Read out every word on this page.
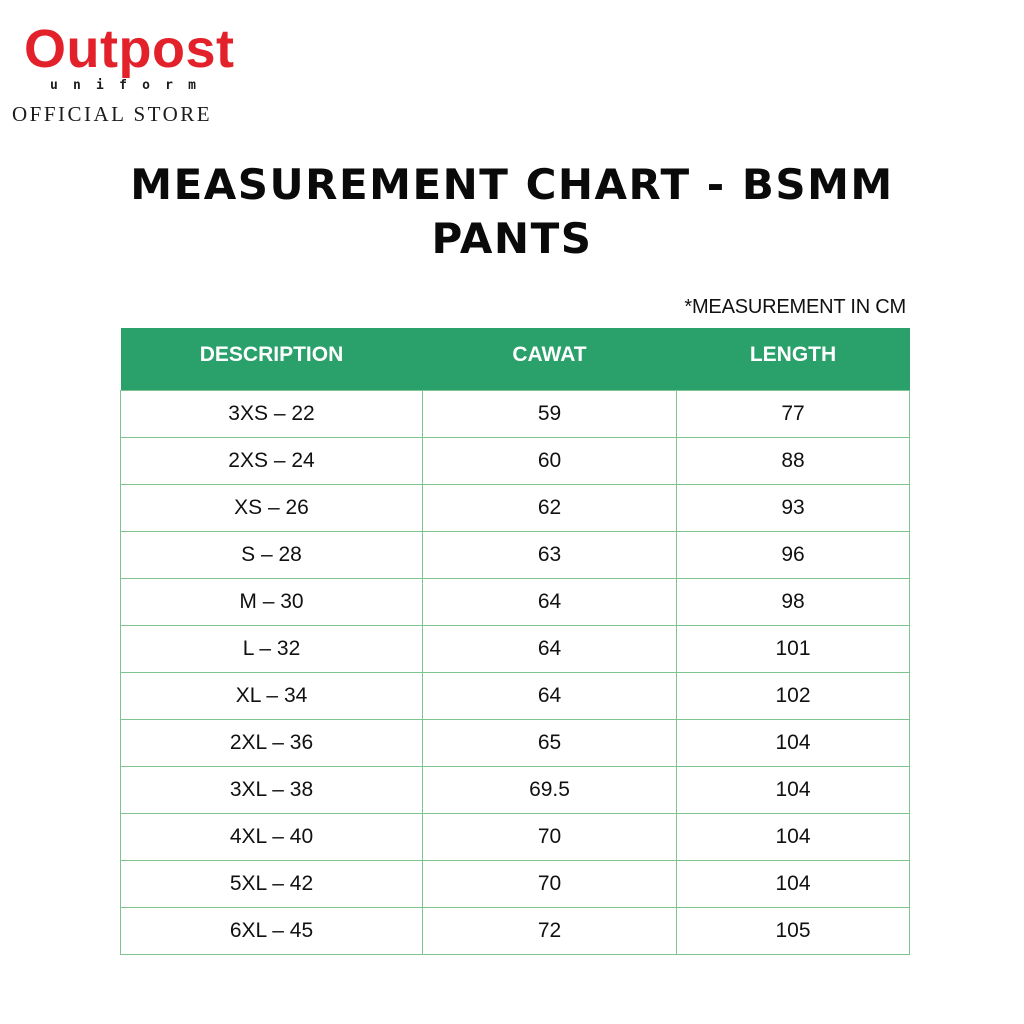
Outpost
uniform
OFFICIAL STORE
MEASUREMENT CHART - BSMM
PANTS
*MEASUREMENT IN CM
DESCRIPTION	CAWAT	LENGTH
3XS – 22	59	77
2XS – 24	60	88
XS – 26	62	93
S – 28	63	96
M – 30	64	98
L – 32	64	101
XL – 34	64	102
2XL – 36	65	104
3XL – 38	69.5	104
4XL – 40	70	104
5XL – 42	70	104
6XL – 45	72	105
